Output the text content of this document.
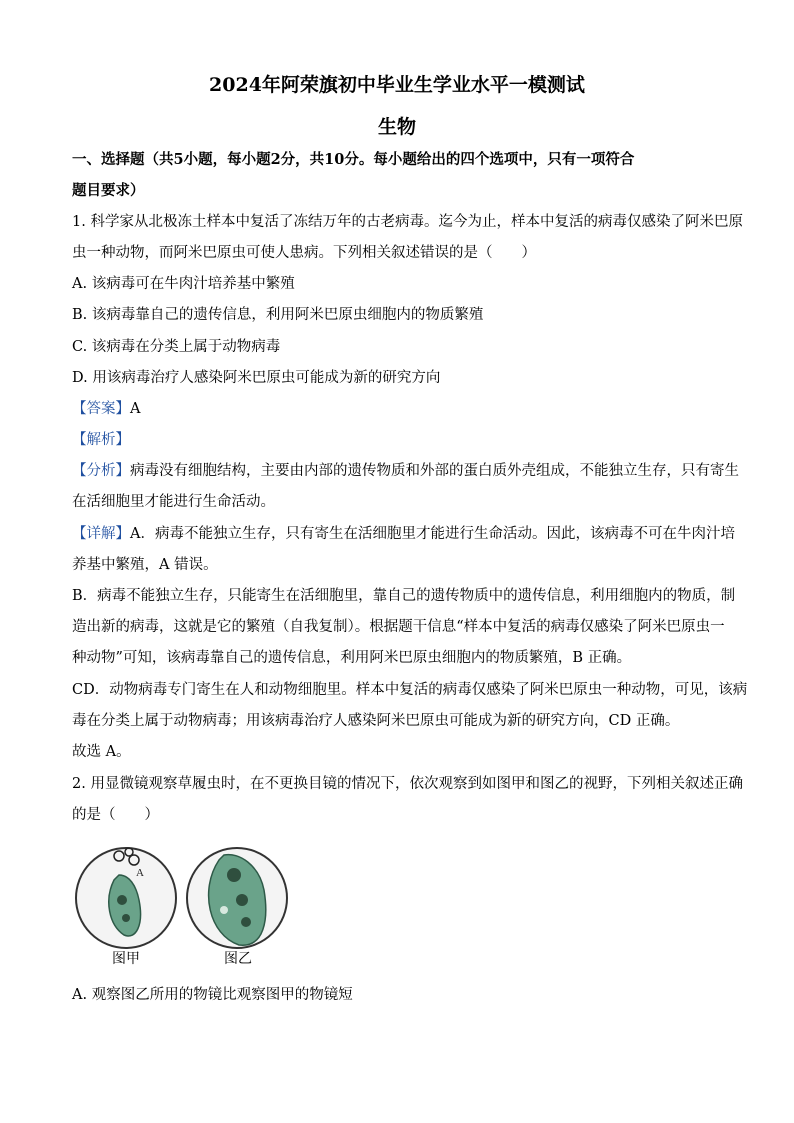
2024年阿荣旗初中毕业生学业水平一模测试
生物
一、选择题（共5小题，每小题2分，共10分。每小题给出的四个选项中，只有一项符合
题目要求）
1. 科学家从北极冻土样本中复活了冻结万年的古老病毒。迄今为止，样本中复活的病毒仅感染了阿米巴原
虫一种动物，而阿米巴原虫可使人患病。下列相关叙述错误的是（　　）
A. 该病毒可在牛肉汁培养基中繁殖
B. 该病毒靠自己的遗传信息，利用阿米巴原虫细胞内的物质繁殖
C. 该病毒在分类上属于动物病毒
D. 用该病毒治疗人感染阿米巴原虫可能成为新的研究方向
【答案】A
【解析】
【分析】病毒没有细胞结构，主要由内部的遗传物质和外部的蛋白质外壳组成，不能独立生存，只有寄生
在活细胞里才能进行生命活动。
【详解】A．病毒不能独立生存，只有寄生在活细胞里才能进行生命活动。因此，该病毒不可在牛肉汁培
养基中繁殖，A 错误。
B．病毒不能独立生存，只能寄生在活细胞里，靠自己的遗传物质中的遗传信息，利用细胞内的物质，制
造出新的病毒，这就是它的繁殖（自我复制）。根据题干信息“样本中复活的病毒仅感染了阿米巴原虫一
种动物”可知，该病毒靠自己的遗传信息，利用阿米巴原虫细胞内的物质繁殖，B 正确。
CD．动物病毒专门寄生在人和动物细胞里。样本中复活的病毒仅感染了阿米巴原虫一种动物，可见，该病
毒在分类上属于动物病毒；用该病毒治疗人感染阿米巴原虫可能成为新的研究方向，CD 正确。
故选 A。
2. 用显微镜观察草履虫时，在不更换目镜的情况下，依次观察到如图甲和图乙的视野，下列相关叙述正确
的是（　　）
A
图甲	图乙
A. 观察图乙所用的物镜比观察图甲的物镜短
